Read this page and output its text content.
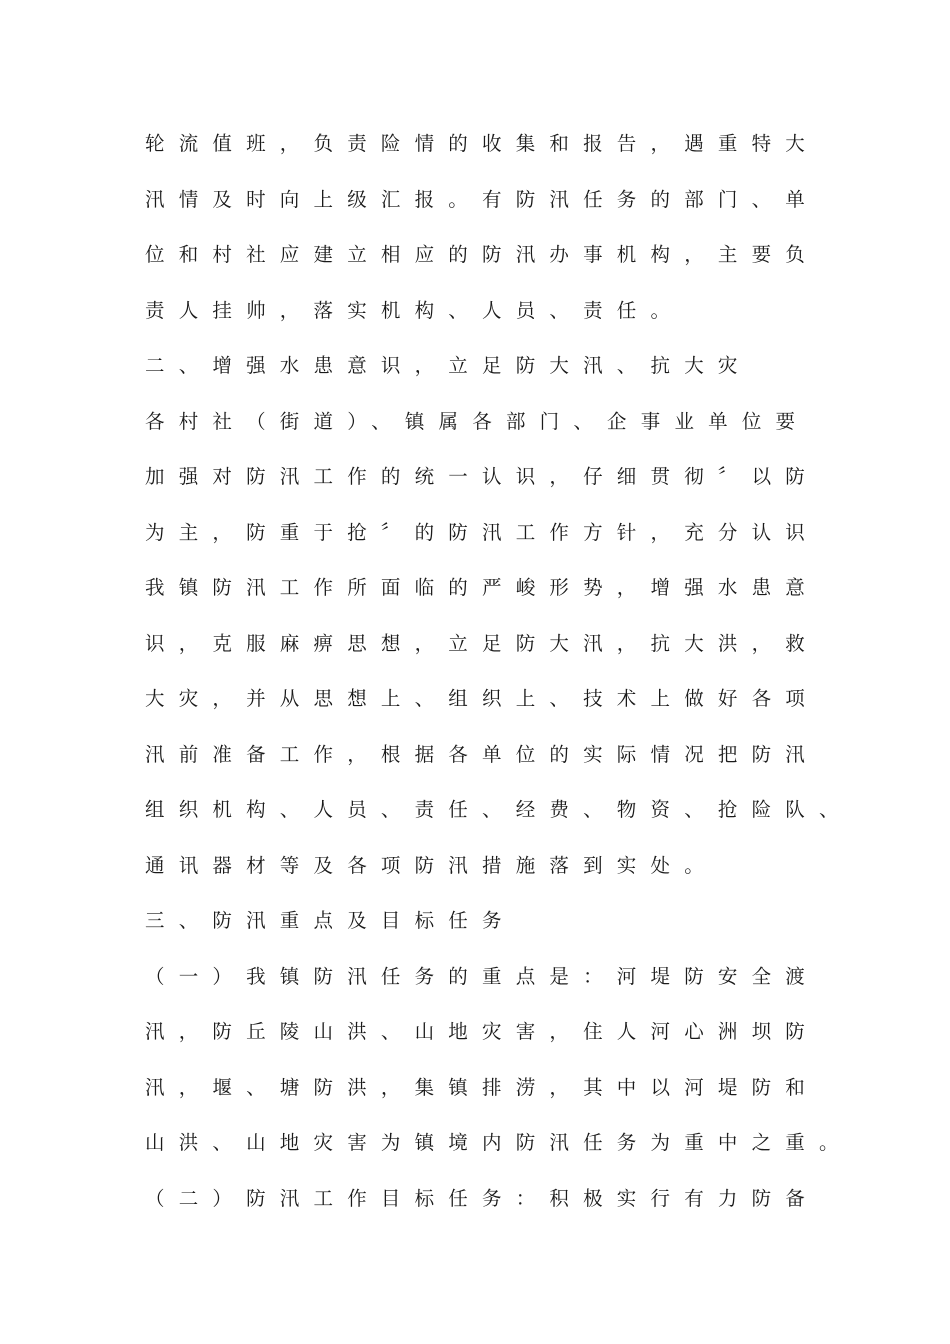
轮流值班，负责险情的收集和报告，遇重特大
汛情及时向上级汇报。有防汛任务的部门、单
位和村社应建立相应的防汛办事机构，主要负
责人挂帅，落实机构、人员、责任。
二、增强水患意识，立足防大汛、抗大灾
各村社（街道）、镇属各部门、企事业单位要
加强对防汛工作的统一认识，仔细贯彻〞以防
为主，防重于抢〞的防汛工作方针，充分认识
我镇防汛工作所面临的严峻形势，增强水患意
识，克服麻痹思想，立足防大汛，抗大洪，救
大灾，并从思想上、组织上、技术上做好各项
汛前准备工作，根据各单位的实际情况把防汛
组织机构、人员、责任、经费、物资、抢险队、
通讯器材等及各项防汛措施落到实处。
三、防汛重点及目标任务
（一）我镇防汛任务的重点是：河堤防安全渡
汛，防丘陵山洪、山地灾害，住人河心洲坝防
汛，堰、塘防洪，集镇排涝，其中以河堤防和
山洪、山地灾害为镇境内防汛任务为重中之重。
（二）防汛工作目标任务：积极实行有力防备
